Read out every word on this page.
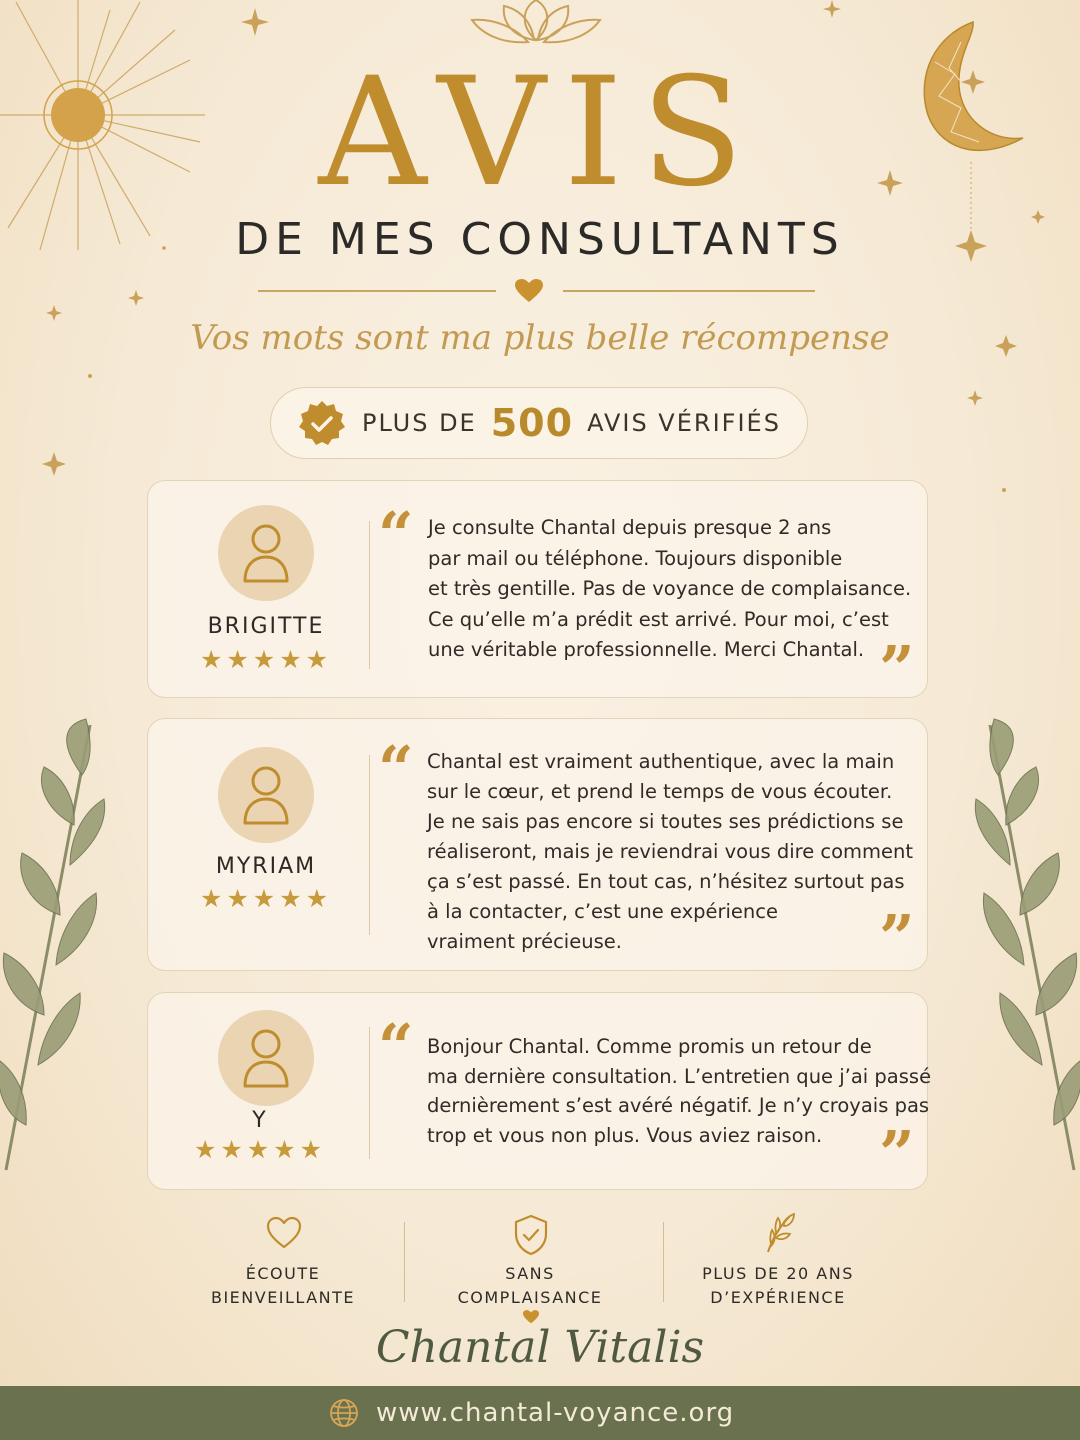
AVIS
DE MES CONSULTANTS
Vos mots sont ma plus belle récompense
PLUS DE 500 AVIS VÉRIFIÉS
BRIGITTE
★★★★★
“ Je consulte Chantal depuis presque 2 ans
par mail ou téléphone. Toujours disponible
et très gentille. Pas de voyance de complaisance.
Ce qu’elle m’a prédit est arrivé. Pour moi, c’est
une véritable professionnelle. Merci Chantal. ”
MYRIAM
★★★★★
“ Chantal est vraiment authentique, avec la main
sur le cœur, et prend le temps de vous écouter.
Je ne sais pas encore si toutes ses prédictions se
réaliseront, mais je reviendrai vous dire comment
ça s’est passé. En tout cas, n’hésitez surtout pas
à la contacter, c’est une expérience
vraiment précieuse.	”
Y
★★★★★
“ Bonjour Chantal. Comme promis un retour de
ma dernière consultation. L’entretien que j’ai passé
dernièrement s’est avéré négatif. Je n’y croyais pas
trop et vous non plus. Vous aviez raison. ”
ÉCOUTE
BIENVEILLANTE
SANS
COMPLAISANCE
PLUS DE 20 ANS
D’EXPÉRIENCE
Chantal Vitalis
www.chantal-voyance.org
